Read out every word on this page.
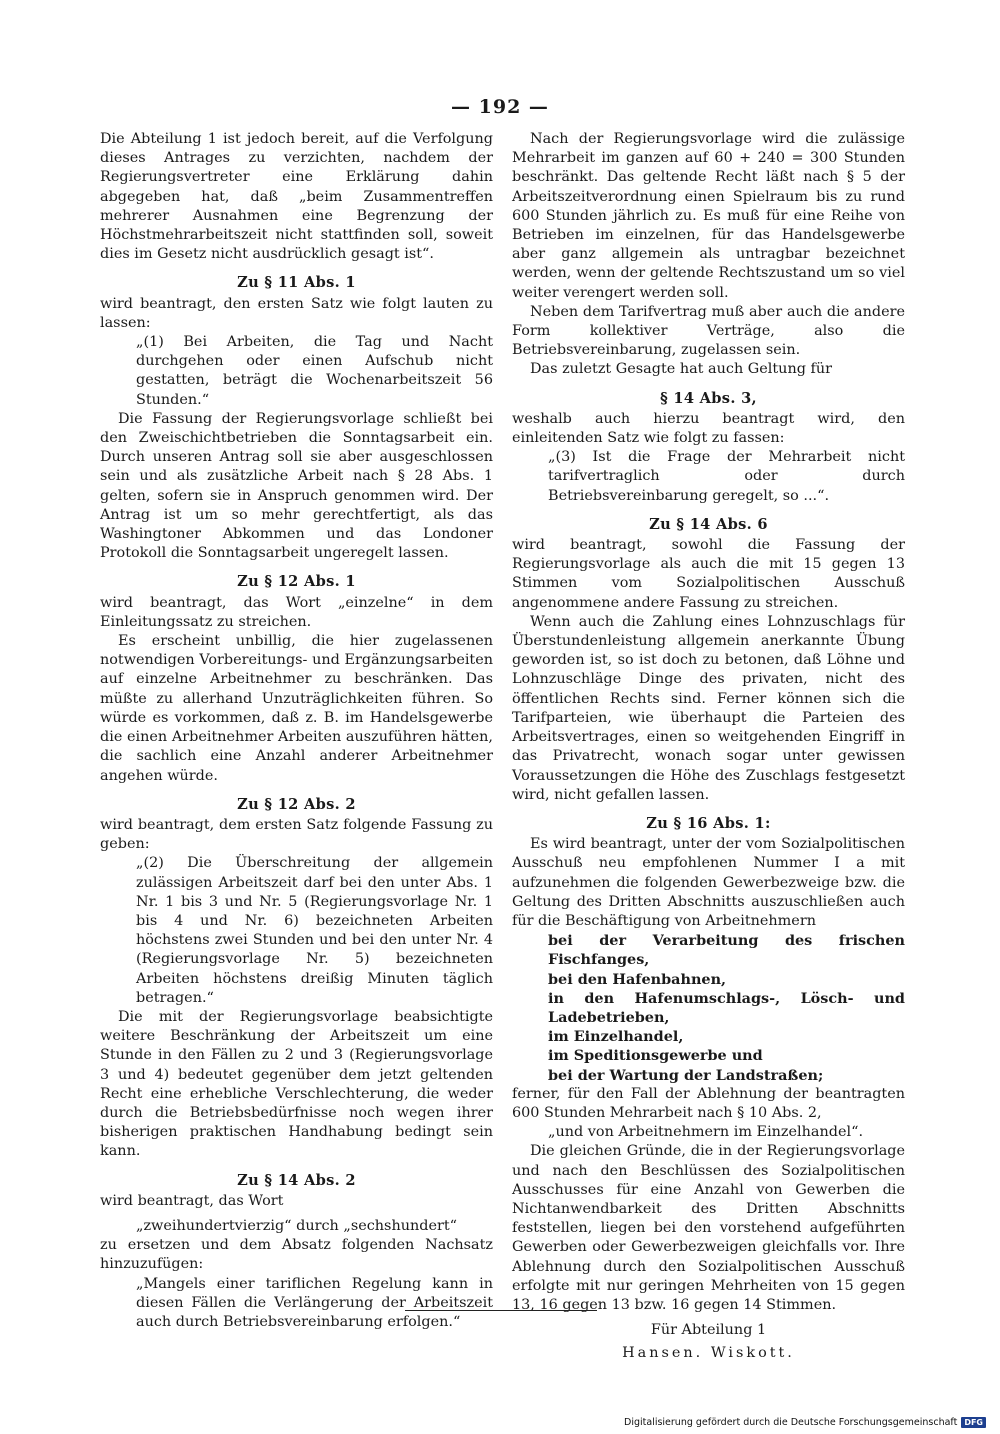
— 192 —

Die Abteilung 1 ist jedoch bereit, auf die Verfolgung dieses Antrages zu verzichten, nachdem der Regierungsvertreter eine Erklärung dahin abgegeben hat, daß „beim Zusammentreffen mehrerer Ausnahmen eine Begrenzung der Höchstmehrarbeitszeit nicht stattfinden soll, soweit dies im Gesetz nicht ausdrücklich gesagt ist“.

Zu § 11 Abs. 1

wird beantragt, den ersten Satz wie folgt lauten zu lassen:

„(1) Bei Arbeiten, die Tag und Nacht durchgehen oder einen Aufschub nicht gestatten, beträgt die Wochenarbeitszeit 56 Stunden.“

Die Fassung der Regierungsvorlage schließt bei den Zweischichtbetrieben die Sonntagsarbeit ein. Durch unseren Antrag soll sie aber ausgeschlossen sein und als zusätzliche Arbeit nach § 28 Abs. 1 gelten, sofern sie in Anspruch genommen wird. Der Antrag ist um so mehr gerechtfertigt, als das Washingtoner Abkommen und das Londoner Protokoll die Sonntagsarbeit ungeregelt lassen.

Zu § 12 Abs. 1

wird beantragt, das Wort „einzelne“ in dem Einleitungssatz zu streichen.

Es erscheint unbillig, die hier zugelassenen notwendigen Vorbereitungs- und Ergänzungsarbeiten auf einzelne Arbeitnehmer zu beschränken. Das müßte zu allerhand Unzuträglichkeiten führen. So würde es vorkommen, daß z. B. im Handelsgewerbe die einen Arbeitnehmer Arbeiten auszuführen hätten, die sachlich eine Anzahl anderer Arbeitnehmer angehen würde.

Zu § 12 Abs. 2

wird beantragt, dem ersten Satz folgende Fassung zu geben:

„(2) Die Überschreitung der allgemein zulässigen Arbeitszeit darf bei den unter Abs. 1 Nr. 1 bis 3 und Nr. 5 (Regierungsvorlage Nr. 1 bis 4 und Nr. 6) bezeichneten Arbeiten höchstens zwei Stunden und bei den unter Nr. 4 (Regierungsvorlage Nr. 5) bezeichneten Arbeiten höchstens dreißig Minuten täglich betragen.“

Die mit der Regierungsvorlage beabsichtigte weitere Beschränkung der Arbeitszeit um eine Stunde in den Fällen zu 2 und 3 (Regierungsvorlage 3 und 4) bedeutet gegenüber dem jetzt geltenden Recht eine erhebliche Verschlechterung, die weder durch die Betriebsbedürfnisse noch wegen ihrer bisherigen praktischen Handhabung bedingt sein kann.

Zu § 14 Abs. 2

wird beantragt, das Wort

„zweihundertvierzig“ durch „sechshundert“

zu ersetzen und dem Absatz folgenden Nachsatz hinzuzufügen:

„Mangels einer tariflichen Regelung kann in diesen Fällen die Verlängerung der Arbeitszeit auch durch Betriebsvereinbarung erfolgen.“

Nach der Regierungsvorlage wird die zulässige Mehrarbeit im ganzen auf 60 + 240 = 300 Stunden beschränkt. Das geltende Recht läßt nach § 5 der Arbeitszeitverordnung einen Spielraum bis zu rund 600 Stunden jährlich zu. Es muß für eine Reihe von Betrieben im einzelnen, für das Handelsgewerbe aber ganz allgemein als untragbar bezeichnet werden, wenn der geltende Rechtszustand um so viel weiter verengert werden soll.

Neben dem Tarifvertrag muß aber auch die andere Form kollektiver Verträge, also die Betriebsvereinbarung, zugelassen sein.

Das zuletzt Gesagte hat auch Geltung für

§ 14 Abs. 3,

weshalb auch hierzu beantragt wird, den einleitenden Satz wie folgt zu fassen:

„(3) Ist die Frage der Mehrarbeit nicht tarifvertraglich oder durch Betriebsvereinbarung geregelt, so ...“.

Zu § 14 Abs. 6

wird beantragt, sowohl die Fassung der Regierungsvorlage als auch die mit 15 gegen 13 Stimmen vom Sozialpolitischen Ausschuß angenommene andere Fassung zu streichen.

Wenn auch die Zahlung eines Lohnzuschlags für Überstundenleistung allgemein anerkannte Übung geworden ist, so ist doch zu betonen, daß Löhne und Lohnzuschläge Dinge des privaten, nicht des öffentlichen Rechts sind. Ferner können sich die Tarifparteien, wie überhaupt die Parteien des Arbeitsvertrages, einen so weitgehenden Eingriff in das Privatrecht, wonach sogar unter gewissen Voraussetzungen die Höhe des Zuschlags festgesetzt wird, nicht gefallen lassen.

Zu § 16 Abs. 1:

Es wird beantragt, unter der vom Sozialpolitischen Ausschuß neu empfohlenen Nummer I a mit aufzunehmen die folgenden Gewerbezweige bzw. die Geltung des Dritten Abschnitts auszuschließen auch für die Beschäftigung von Arbeitnehmern

bei der Verarbeitung des frischen Fischfanges,

bei den Hafenbahnen,

in den Hafenumschlags-, Lösch- und Ladebetrieben,

im Einzelhandel,

im Speditionsgewerbe und

bei der Wartung der Landstraßen;

ferner, für den Fall der Ablehnung der beantragten 600 Stunden Mehrarbeit nach § 10 Abs. 2,

„und von Arbeitnehmern im Einzelhandel“.

Die gleichen Gründe, die in der Regierungsvorlage und nach den Beschlüssen des Sozialpolitischen Ausschusses für eine Anzahl von Gewerben die Nichtanwendbarkeit des Dritten Abschnitts feststellen, liegen bei den vorstehend aufgeführten Gewerben oder Gewerbezweigen gleichfalls vor. Ihre Ablehnung durch den Sozialpolitischen Ausschuß erfolgte mit nur geringen Mehrheiten von 15 gegen 13, 16 gegen 13 bzw. 16 gegen 14 Stimmen.

Für Abteilung 1

Hansen. Wiskott.

Digitalisierung gefördert durch die Deutsche Forschungsgemeinschaft DFG
